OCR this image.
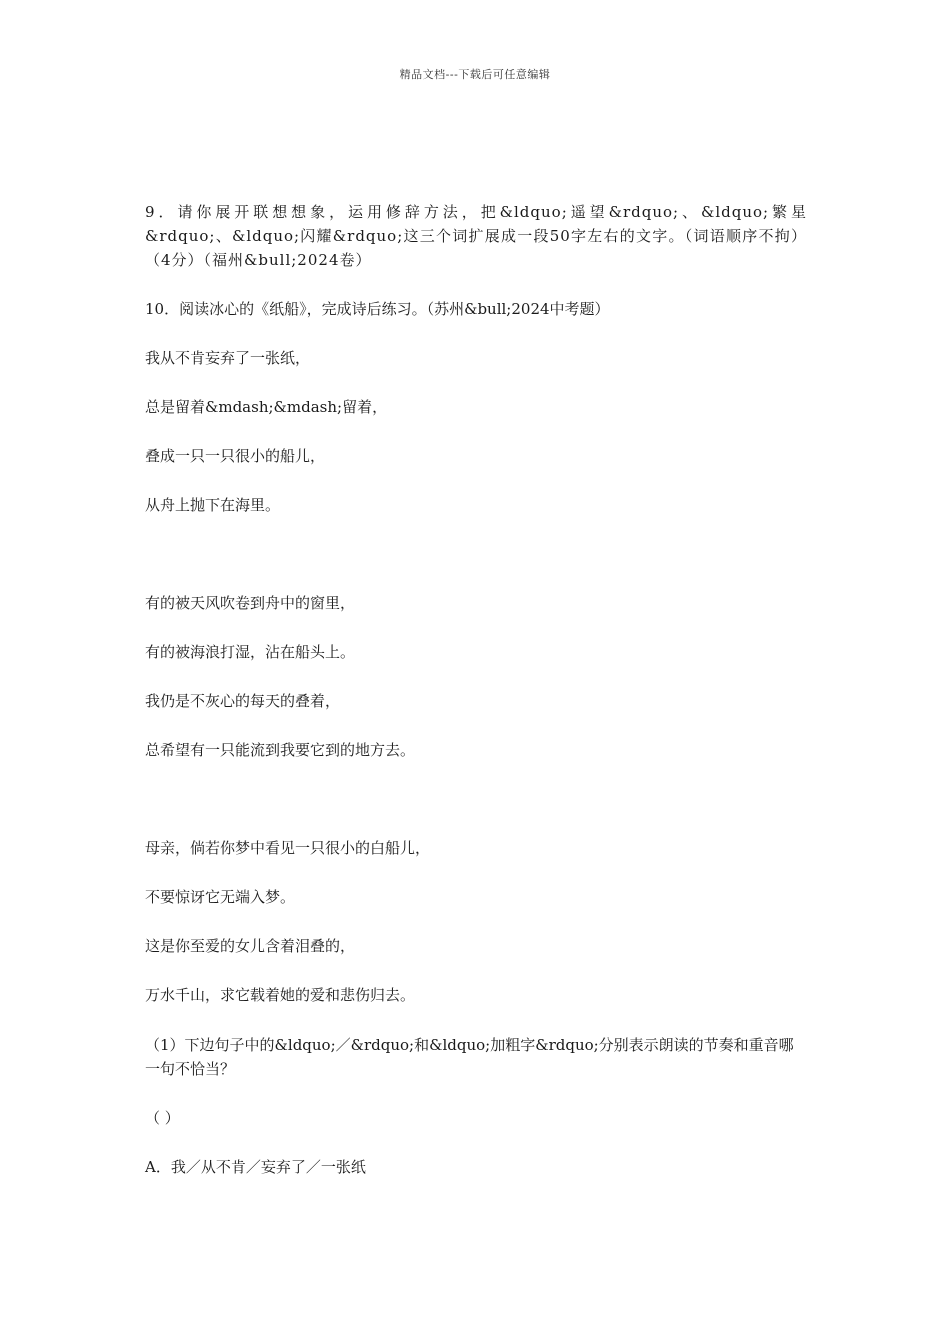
精品文档---下载后可任意编辑

9．请你展开联想想象，运用修辞方法，把&ldquo;遥望&rdquo;、&ldquo;繁星&rdquo;、&ldquo;闪耀&rdquo;这三个词扩展成一段50字左右的文字。（词语顺序不拘）（4分）（福州&bull;2024卷）

10．阅读冰心的《纸船》，完成诗后练习。（苏州&bull;2024中考题）

我从不肯妄弃了一张纸，

总是留着&mdash;&mdash;留着，

叠成一只一只很小的船儿，

从舟上抛下在海里。

有的被天风吹卷到舟中的窗里，

有的被海浪打湿，沾在船头上。

我仍是不灰心的每天的叠着，

总希望有一只能流到我要它到的地方去。

母亲，倘若你梦中看见一只很小的白船儿，

不要惊讶它无端入梦。

这是你至爱的女儿含着泪叠的，

万水千山，求它载着她的爱和悲伤归去。

（1）下边句子中的&ldquo;／&rdquo;和&ldquo;加粗字&rdquo;分别表示朗读的节奏和重音哪一句不恰当？

（ ）

A．我／从不肯／妄弃了／一张纸
